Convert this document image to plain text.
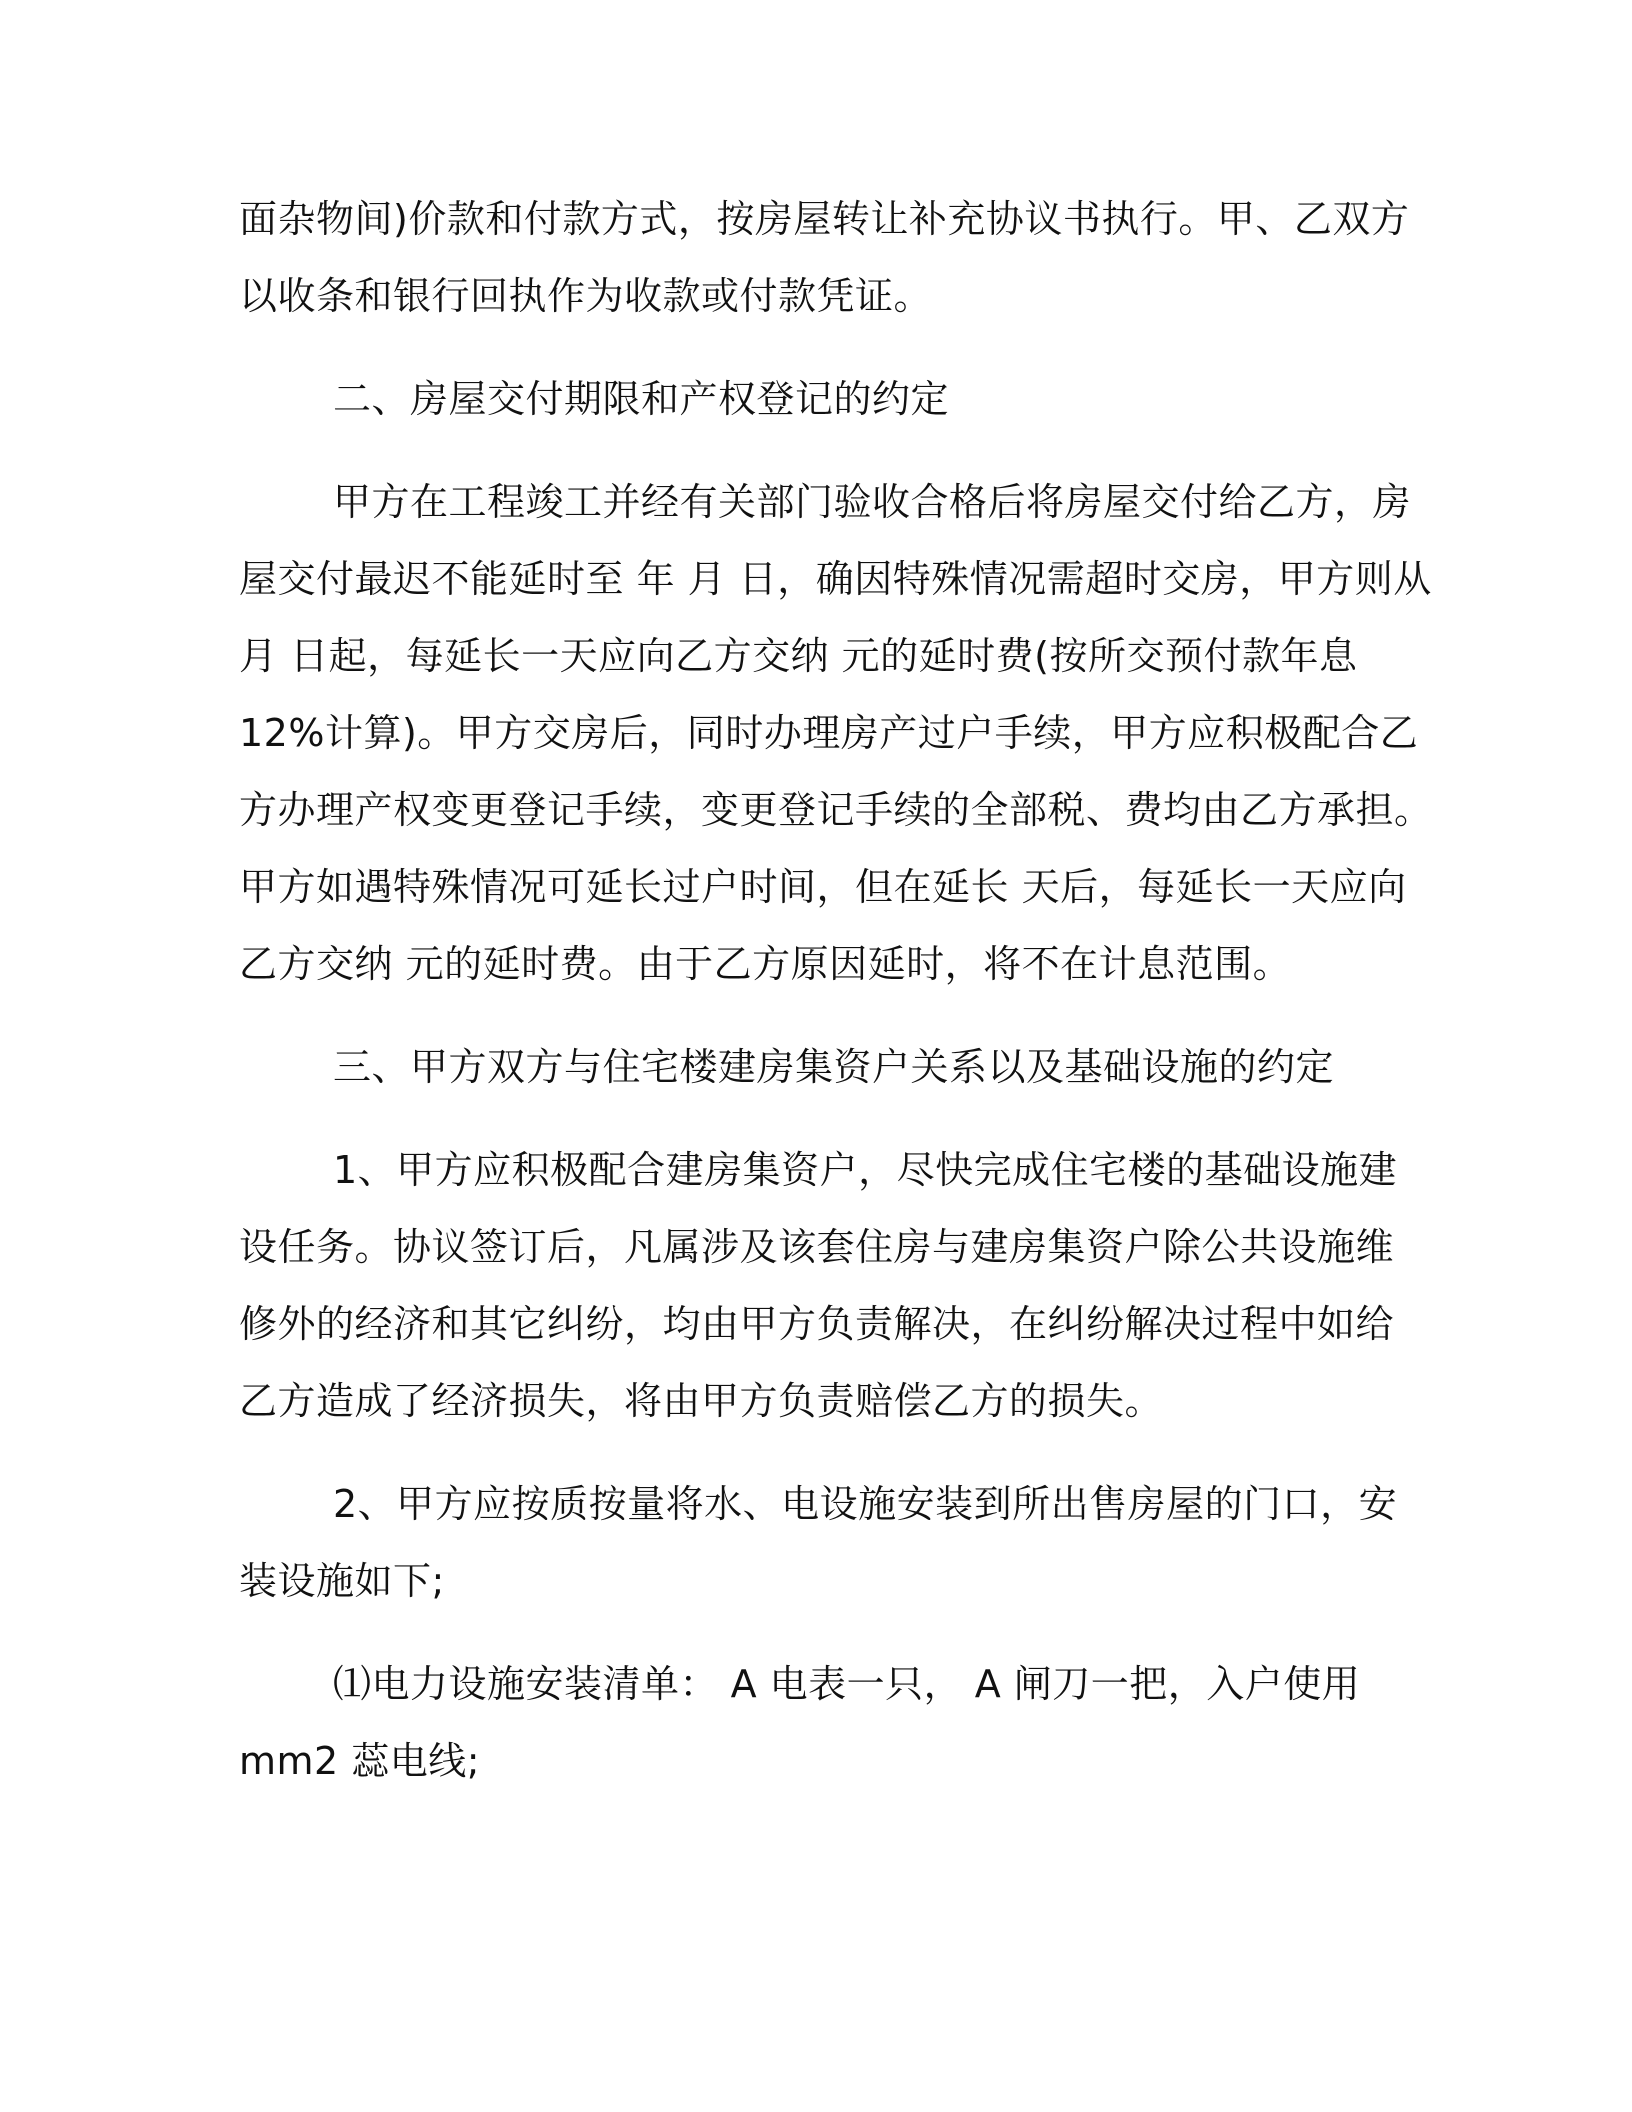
面杂物间)价款和付款方式，按房屋转让补充协议书执行。甲、乙双方
以收条和银行回执作为收款或付款凭证。
二、房屋交付期限和产权登记的约定
甲方在工程竣工并经有关部门验收合格后将房屋交付给乙方，房
屋交付最迟不能延时至 年 月 日，确因特殊情况需超时交房，甲方则从
月 日起，每延长一天应向乙方交纳 元的延时费(按所交预付款年息
12%计算)。甲方交房后，同时办理房产过户手续，甲方应积极配合乙
方办理产权变更登记手续，变更登记手续的全部税、费均由乙方承担。
甲方如遇特殊情况可延长过户时间，但在延长 天后，每延长一天应向
乙方交纳 元的延时费。由于乙方原因延时，将不在计息范围。
三、甲方双方与住宅楼建房集资户关系以及基础设施的约定
1、甲方应积极配合建房集资户，尽快完成住宅楼的基础设施建
设任务。协议签订后，凡属涉及该套住房与建房集资户除公共设施维
修外的经济和其它纠纷，均由甲方负责解决，在纠纷解决过程中如给
乙方造成了经济损失，将由甲方负责赔偿乙方的损失。
2、甲方应按质按量将水、电设施安装到所出售房屋的门口，安
装设施如下;
⑴电力设施安装清单： A 电表一只， A 闸刀一把，入户使用
mm2 蕊电线;
